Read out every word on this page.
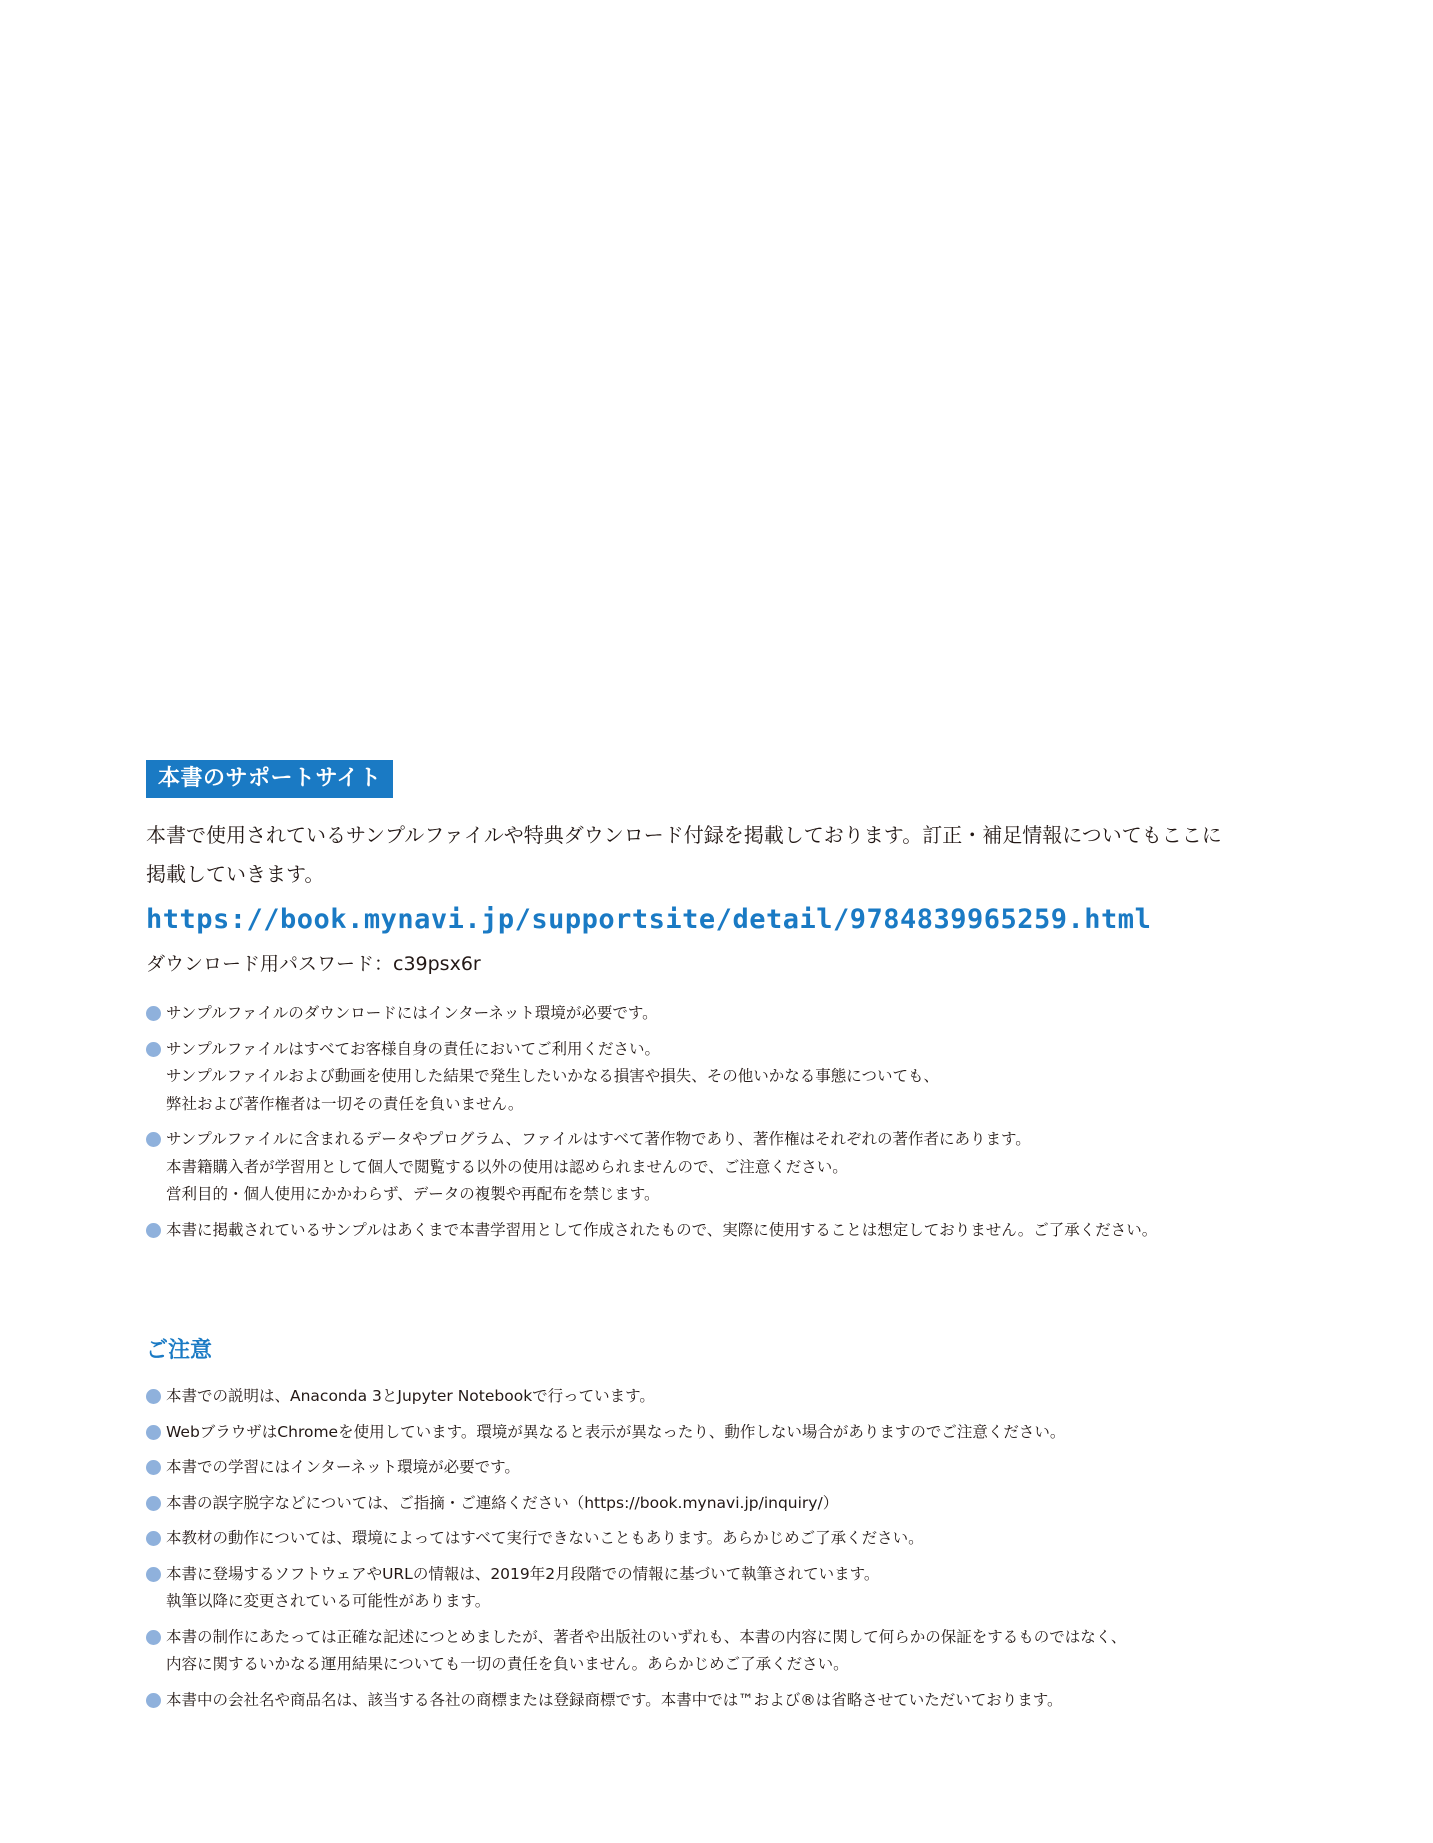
本書のサポートサイト
本書で使用されているサンプルファイルや特典ダウンロード付録を掲載しております。訂正・補足情報についてもここに
掲載していきます。
https://book.mynavi.jp/supportsite/detail/9784839965259.html
ダウンロード用パスワード：c39psx6r
サンプルファイルのダウンロードにはインターネット環境が必要です。
サンプルファイルはすべてお客様自身の責任においてご利用ください。
サンプルファイルおよび動画を使用した結果で発生したいかなる損害や損失、その他いかなる事態についても、
弊社および著作権者は一切その責任を負いません。
サンプルファイルに含まれるデータやプログラム、ファイルはすべて著作物であり、著作権はそれぞれの著作者にあります。
本書籍購入者が学習用として個人で閲覧する以外の使用は認められませんので、ご注意ください。
営利目的・個人使用にかかわらず、データの複製や再配布を禁じます。
本書に掲載されているサンプルはあくまで本書学習用として作成されたもので、実際に使用することは想定しておりません。ご了承ください。
ご注意
本書での説明は、Anaconda 3とJupyter Notebookで行っています。
WebブラウザはChromeを使用しています。環境が異なると表示が異なったり、動作しない場合がありますのでご注意ください。
本書での学習にはインターネット環境が必要です。
本書の誤字脱字などについては、ご指摘・ご連絡ください（https://book.mynavi.jp/inquiry/）
本教材の動作については、環境によってはすべて実行できないこともあります。あらかじめご了承ください。
本書に登場するソフトウェアやURLの情報は、2019年2月段階での情報に基づいて執筆されています。
執筆以降に変更されている可能性があります。
本書の制作にあたっては正確な記述につとめましたが、著者や出版社のいずれも、本書の内容に関して何らかの保証をするものではなく、
内容に関するいかなる運用結果についても一切の責任を負いません。あらかじめご了承ください。
本書中の会社名や商品名は、該当する各社の商標または登録商標です。本書中では™および®は省略させていただいております。
